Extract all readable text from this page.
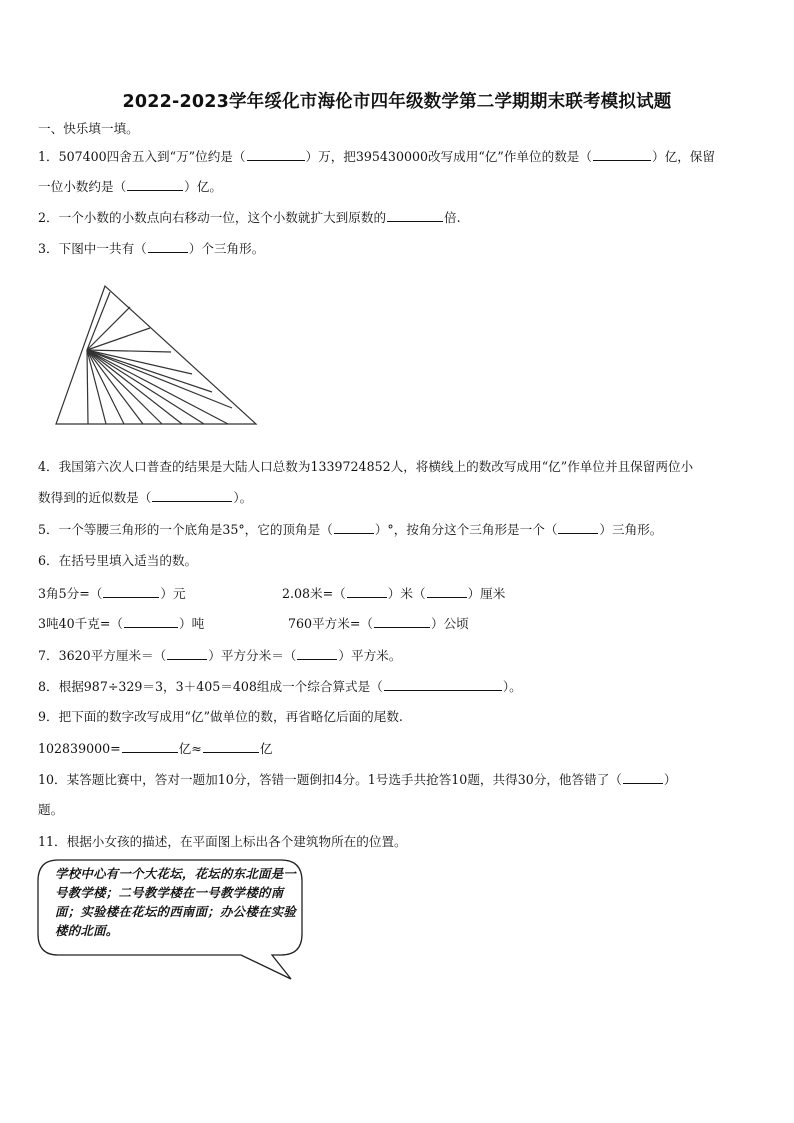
2022-2023学年绥化市海伦市四年级数学第二学期期末联考模拟试题
一、快乐填一填。
1．507400四舍五入到“万”位约是（	）万，把395430000改写成用“亿”作单位的数是（	）亿，保留
一位小数约是（	）亿。
2．一个小数的小数点向右移动一位，这个小数就扩大到原数的	倍.
3．下图中一共有（	）个三角形。
4．我国第六次人口普查的结果是大陆人口总数为1339724852人，将横线上的数改写成用“亿”作单位并且保留两位小
数得到的近似数是（	）。
5．一个等腰三角形的一个底角是35°，它的顶角是（	）°，按角分这个三角形是一个（	）三角形。
6．在括号里填入适当的数。
3角5分=（	）元	2.08米=（	）米（	）厘米
3吨40千克=（	）吨	760平方米=（	）公顷
7．3620平方厘米＝（	）平方分米＝（	）平方米。
8．根据987÷329＝3，3＋405＝408组成一个综合算式是（	）。
9．把下面的数字改写成用“亿”做单位的数，再省略亿后面的尾数.
102839000=	亿≈	亿
10．某答题比赛中，答对一题加10分，答错一题倒扣4分。1号选手共抢答10题，共得30分，他答错了（	）
题。
11．根据小女孩的描述，在平面图上标出各个建筑物所在的位置。
学校中心有一个大花坛，花坛的东北面是一号教学楼；二号教学楼在一号教学楼的南面；实验楼在花坛的西南面；办公楼在实验楼的北面。
